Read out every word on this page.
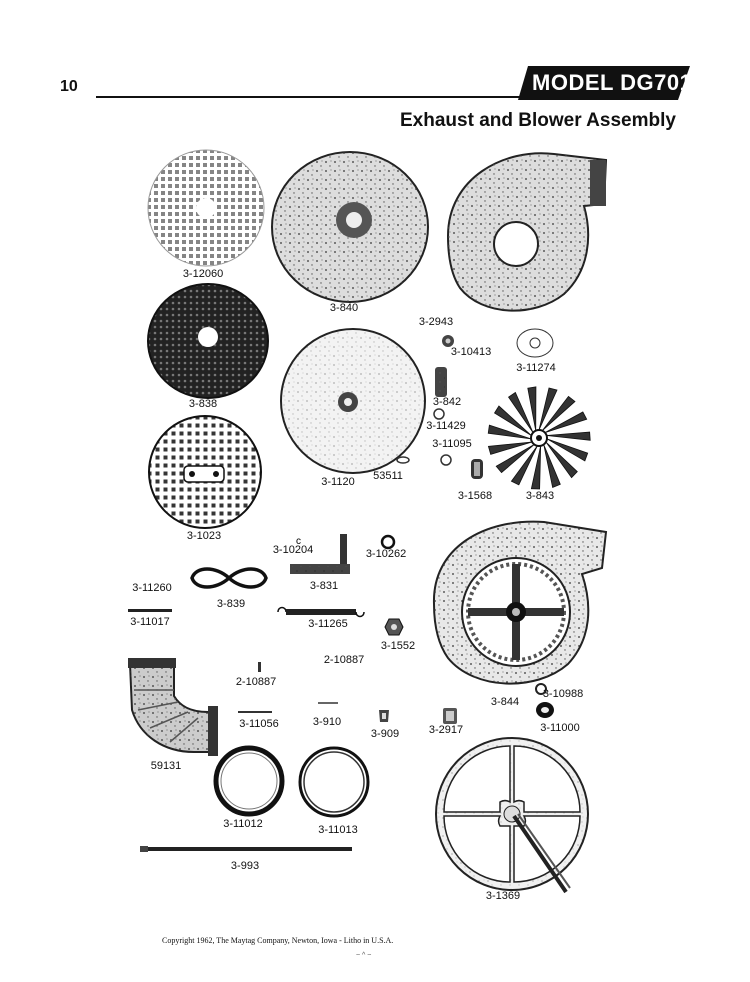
10	MODEL DG701
Exhaust and Blower Assembly
c
3-12060
3-840
3-2943
3-10413
3-11274
3-838	3-842
3-11429
3-11095
3-1120 53511
3-1568	3-843
3-1023
3-10204	3-10262
3-11260
3-839
3-831
3-11017	3-11265
3-1552
2-10887
2-10887
3-10988
3-844
3-11000
3-11056	3-910
3-909	3-2917
59131
3-11012	3-11013
3-993
3-1369
Copyright 1962, The Maytag Company, Newton, Iowa - Litho in U.S.A.
~ ^ ~
